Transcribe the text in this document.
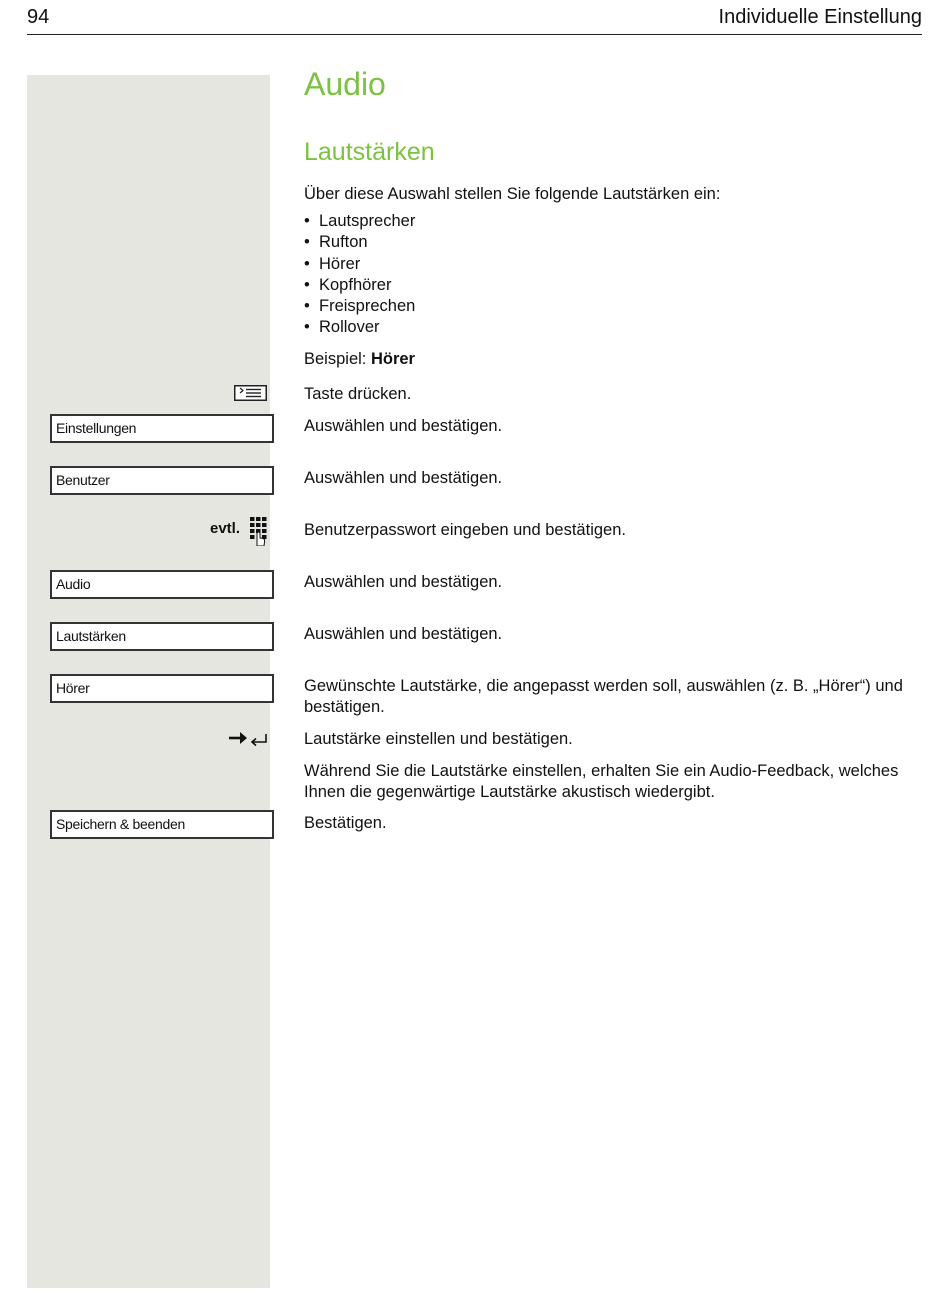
94	Individuelle Einstellung
Audio
Lautstärken
Über diese Auswahl stellen Sie folgende Lautstärken ein:
• Lautsprecher
• Rufton
• Hörer
• Kopfhörer
• Freisprechen
• Rollover
Beispiel: Hörer
Taste drücken.
Einstellungen	Auswählen und bestätigen.
Benutzer	Auswählen und bestätigen.
evtl.	Benutzerpasswort eingeben und bestätigen.
Audio	Auswählen und bestätigen.
Lautstärken	Auswählen und bestätigen.
Hörer	Gewünschte Lautstärke, die angepasst werden soll, auswählen (z. B. „Hörer“) und bestätigen.
Lautstärke einstellen und bestätigen.
Während Sie die Lautstärke einstellen, erhalten Sie ein Audio-Feedback, welches Ihnen die gegenwärtige Lautstärke akustisch wiedergibt.
Speichern & beenden	Bestätigen.
